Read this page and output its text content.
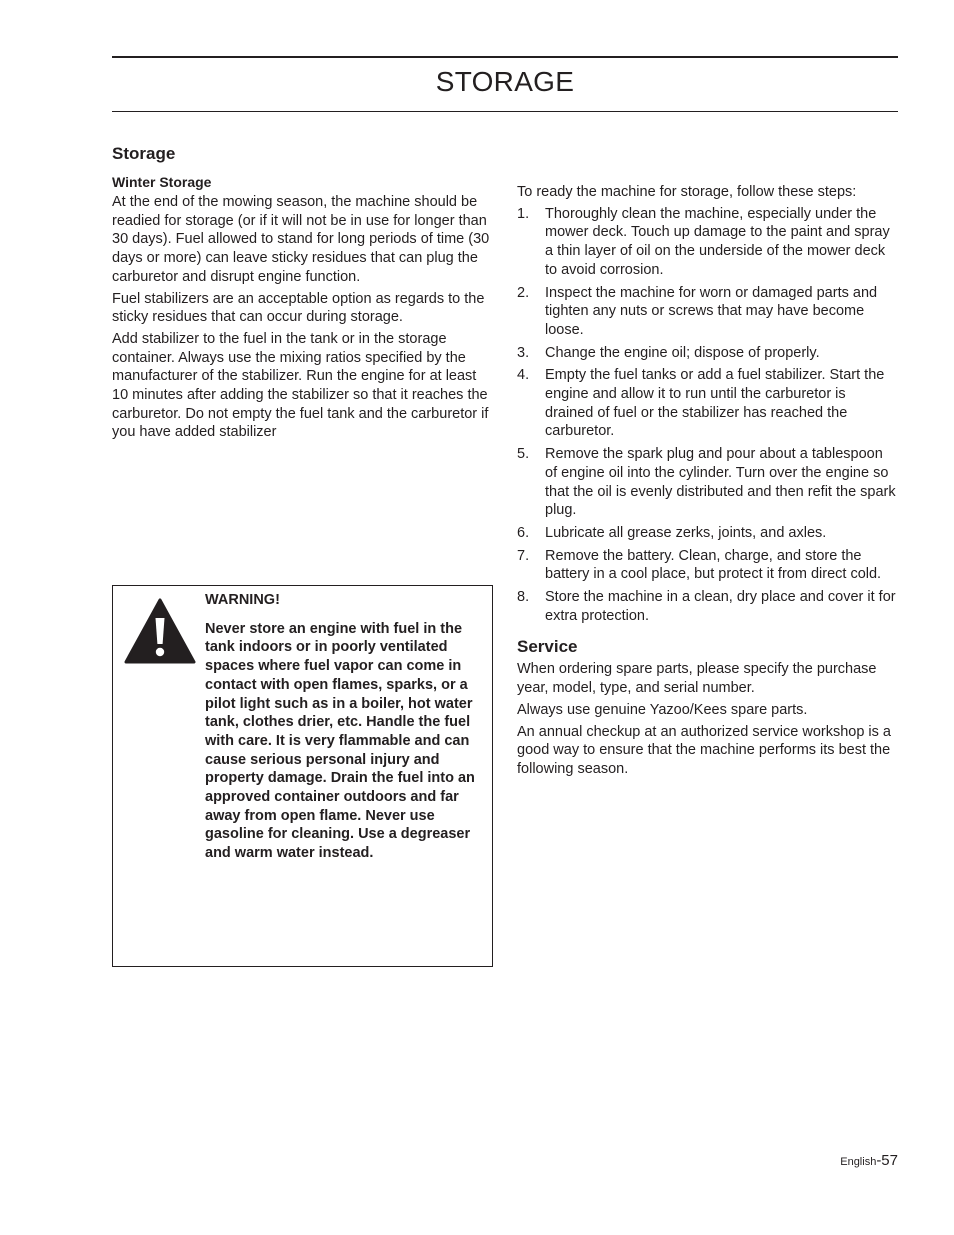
STORAGE
Storage
Winter Storage

At the end of the mowing season, the machine should be readied for storage (or if it will not be in use for longer than 30 days). Fuel allowed to stand for long periods of time (30 days or more) can leave sticky residues that can plug the carburetor and disrupt engine function.

Fuel stabilizers are an acceptable option as regards to the sticky residues that can occur during storage.

Add stabilizer to the fuel in the tank or in the storage container. Always use the mixing ratios specified by the manufacturer of the stabilizer. Run the engine for at least 10 minutes after adding the stabilizer so that it reaches the carburetor. Do not empty the fuel tank and the carburetor if you have added stabilizer

WARNING!

Never store an engine with fuel in the tank indoors or in poorly ventilated spaces where fuel vapor can come in contact with open flames, sparks, or a pilot light such as in a boiler, hot water tank, clothes drier, etc. Handle the fuel with care. It is very flammable and can cause serious personal injury and property damage. Drain the fuel into an approved container outdoors and far away from open flame. Never use gasoline for cleaning. Use a degreaser and warm water instead.

To ready the machine for storage, follow these steps:

1. Thoroughly clean the machine, especially under the mower deck. Touch up damage to the paint and spray a thin layer of oil on the underside of the mower deck to avoid corrosion.
2. Inspect the machine for worn or damaged parts and tighten any nuts or screws that may have become loose.
3. Change the engine oil; dispose of properly.
4. Empty the fuel tanks or add a fuel stabilizer. Start the engine and allow it to run until the carburetor is drained of fuel or the stabilizer has reached the carburetor.
5. Remove the spark plug and pour about a tablespoon of engine oil into the cylinder. Turn over the engine so that the oil is evenly distributed and then refit the spark plug.
6. Lubricate all grease zerks, joints, and axles.
7. Remove the battery. Clean, charge, and store the battery in a cool place, but protect it from direct cold.
8. Store the machine in a clean, dry place and cover it for extra protection.
Service

When ordering spare parts, please specify the purchase year, model, type, and serial number.

Always use genuine Yazoo/Kees spare parts.

An annual checkup at an authorized service workshop is a good way to ensure that the machine performs its best the following season.

English-57
